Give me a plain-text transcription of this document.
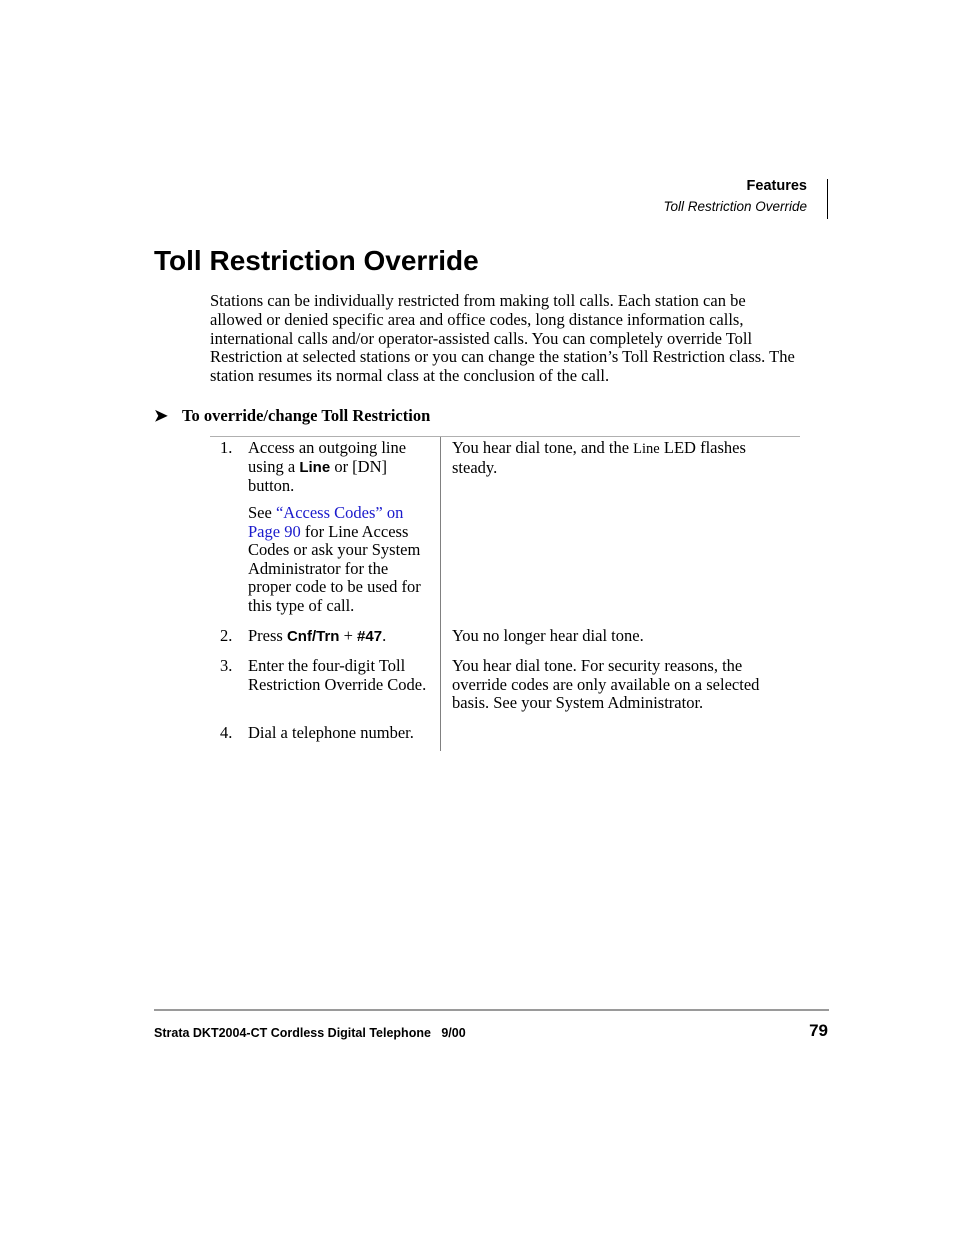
Features
Toll Restriction Override
Toll Restriction Override

Stations can be individually restricted from making toll calls. Each station can be allowed or denied specific area and office codes, long distance information calls, international calls and/or operator-assisted calls. You can completely override Toll Restriction at selected stations or you can change the station’s Toll Restriction class. The station resumes its normal class at the conclusion of the call.

➤ To override/change Toll Restriction
1. Access an outgoing line using a Line or [DN] button.
See “Access Codes” on Page 90 for Line Access Codes or ask your System Administrator for the proper code to be used for this type of call.
You hear dial tone, and the Line LED flashes steady.
2. Press Cnf/Trn + #47.	You no longer hear dial tone.
3. Enter the four-digit Toll Restriction Override Code.
You hear dial tone. For security reasons, the override codes are only available on a selected basis. See your System Administrator.
4. Dial a telephone number.
Strata DKT2004-CT Cordless Digital Telephone   9/00	79
